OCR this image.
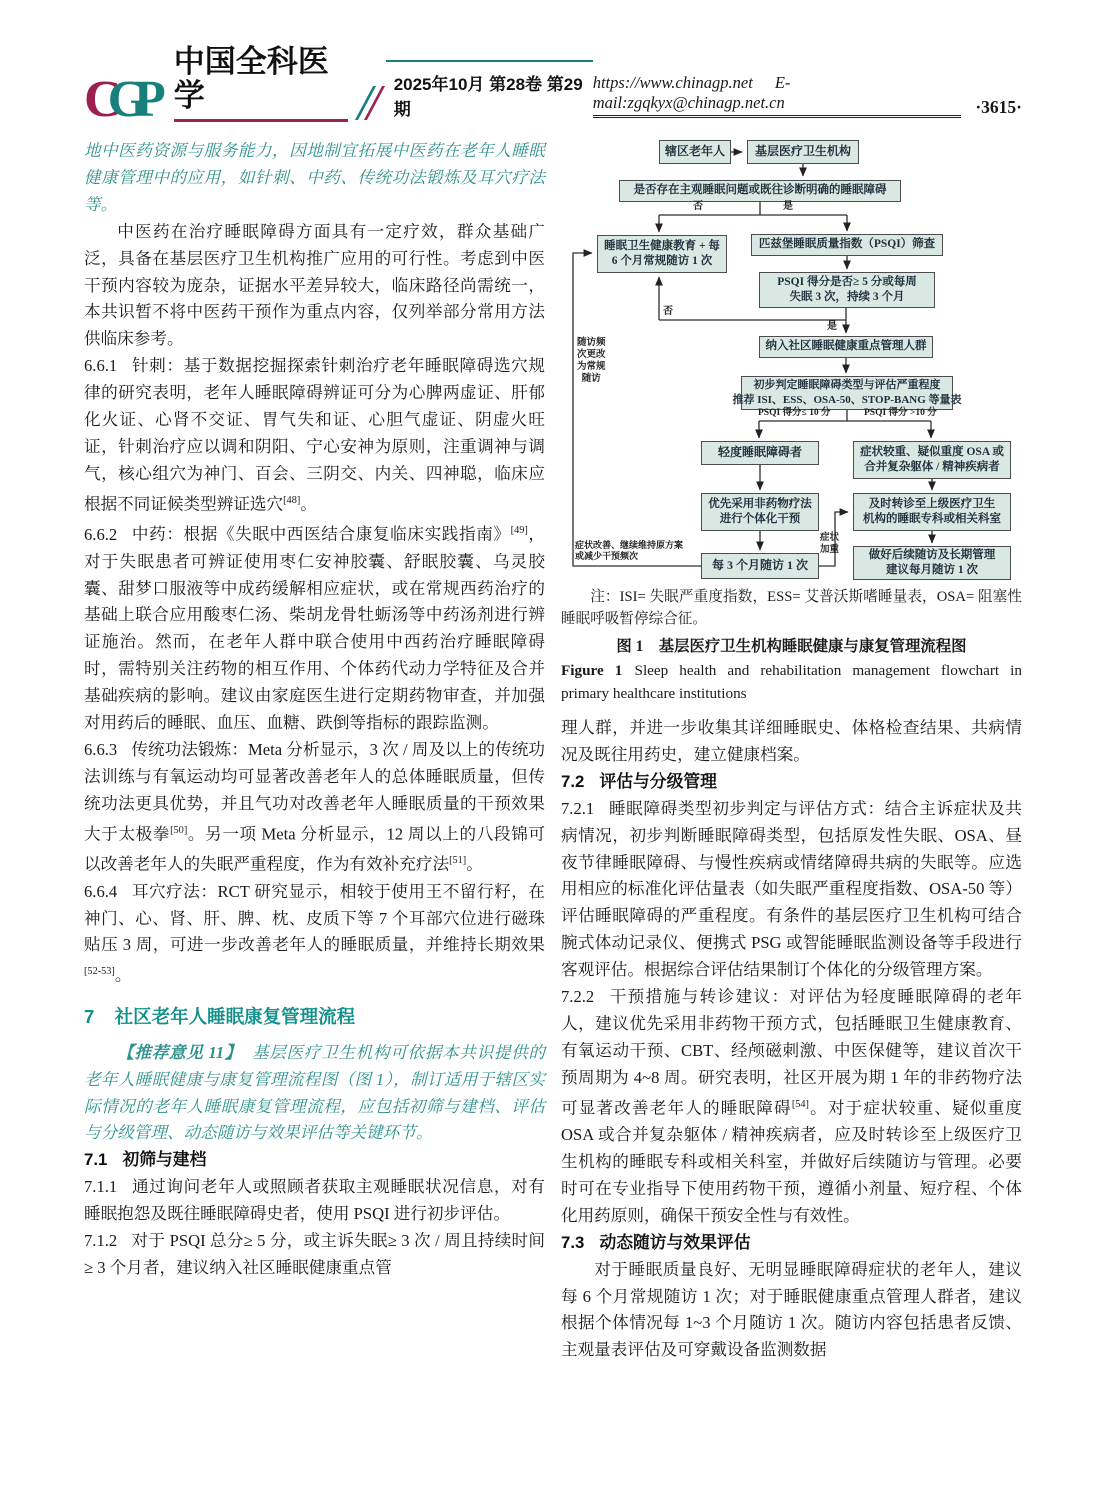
CGP
中国全科医学	2025年10月 第28卷 第29期
https://www.chinagp.net E-mail:zgqkyx@chinagp.net.cn	·3615·

地中医药资源与服务能力，因地制宜拓展中医药在老年人睡眠健康管理中的应用，如针刺、中药、传统功法锻炼及耳穴疗法等。

中医药在治疗睡眠障碍方面具有一定疗效，群众基础广泛，具备在基层医疗卫生机构推广应用的可行性。考虑到中医干预内容较为庞杂，证据水平差异较大，临床路径尚需统一，本共识暂不将中医药干预作为重点内容，仅列举部分常用方法供临床参考。

6.6.1 针刺：基于数据挖掘探索针刺治疗老年睡眠障碍选穴规律的研究表明，老年人睡眠障碍辨证可分为心脾两虚证、肝郁化火证、心肾不交证、胃气失和证、心胆气虚证、阴虚火旺证，针刺治疗应以调和阴阳、宁心安神为原则，注重调神与调气，核心组穴为神门、百会、三阴交、内关、四神聪，临床应根据不同证候类型辨证选穴[48]。

6.6.2 中药：根据《失眠中西医结合康复临床实践指南》[49]，对于失眠患者可辨证使用枣仁安神胶囊、舒眠胶囊、乌灵胶囊、甜梦口服液等中成药缓解相应症状，或在常规西药治疗的基础上联合应用酸枣仁汤、柴胡龙骨牡蛎汤等中药汤剂进行辨证施治。然而，在老年人群中联合使用中西药治疗睡眠障碍时，需特别关注药物的相互作用、个体药代动力学特征及合并基础疾病的影响。建议由家庭医生进行定期药物审查，并加强对用药后的睡眠、血压、血糖、跌倒等指标的跟踪监测。

6.6.3 传统功法锻炼：Meta 分析显示，3 次 / 周及以上的传统功法训练与有氧运动均可显著改善老年人的总体睡眠质量，但传统功法更具优势，并且气功对改善老年人睡眠质量的干预效果大于太极拳[50]。另一项 Meta 分析显示，12 周以上的八段锦可以改善老年人的失眠严重程度，作为有效补充疗法[51]。

6.6.4 耳穴疗法：RCT 研究显示，相较于使用王不留行籽，在神门、心、肾、肝、脾、枕、皮质下等 7 个耳部穴位进行磁珠贴压 3 周，可进一步改善老年人的睡眠质量，并维持长期效果[52-53]。

7 社区老年人睡眠康复管理流程

【推荐意见 11】 基层医疗卫生机构可依据本共识提供的老年人睡眠健康与康复管理流程图（图 1），制订适用于辖区实际情况的老年人睡眠康复管理流程，应包括初筛与建档、评估与分级管理、动态随访与效果评估等关键环节。

7.1 初筛与建档

7.1.1 通过询问老年人或照顾者获取主观睡眠状况信息，对有睡眠抱怨及既往睡眠障碍史者，使用 PSQI 进行初步评估。

7.1.2 对于 PSQI 总分≥ 5 分，或主诉失眠≥ 3 次 / 周且持续时间≥ 3 个月者，建议纳入社区睡眠健康重点管

辖区老年人 基层医疗卫生机构
是否存在主观睡眠问题或既往诊断明确的睡眠障碍
睡眠卫生健康教育 + 每
6 个月常规随访 1 次
匹兹堡睡眠质量指数（PSQI）筛查
PSQI 得分是否≥ 5 分或每周
失眠 3 次，持续 3 个月
纳入社区睡眠健康重点管理人群
初步判定睡眠障碍类型与评估严重程度
推荐 ISI、ESS、OSA-50、STOP-BANG 等量表
轻度睡眠障碍者	症状较重、疑似重度 OSA 或
合并复杂躯体 / 精神疾病者
优先采用非药物疗法
进行个体化干预
及时转诊至上级医疗卫生
机构的睡眠专科或相关科室
每 3 个月随访 1 次
做好后续随访及长期管理
建议每月随访 1 次
否	是
否
是
PSQI 得分≤ 10 分	PSQI 得分 >10 分
随访频
次更改
为常规
随访
症状改善、继续维持原方案
或减少干预频次
症状
加重

注：ISI= 失眠严重度指数，ESS= 艾普沃斯嗜睡量表，OSA= 阻塞性睡眠呼吸暂停综合征。

图 1　基层医疗卫生机构睡眠健康与康复管理流程图

Figure 1 Sleep health and rehabilitation management flowchart in primary healthcare institutions

理人群，并进一步收集其详细睡眠史、体格检查结果、共病情况及既往用药史，建立健康档案。

7.2 评估与分级管理

7.2.1 睡眠障碍类型初步判定与评估方式：结合主诉症状及共病情况，初步判断睡眠障碍类型，包括原发性失眠、OSA、昼夜节律睡眠障碍、与慢性疾病或情绪障碍共病的失眠等。应选用相应的标准化评估量表（如失眠严重程度指数、OSA-50 等）评估睡眠障碍的严重程度。有条件的基层医疗卫生机构可结合腕式体动记录仪、便携式 PSG 或智能睡眠监测设备等手段进行客观评估。根据综合评估结果制订个体化的分级管理方案。

7.2.2 干预措施与转诊建议：对评估为轻度睡眠障碍的老年人，建议优先采用非药物干预方式，包括睡眠卫生健康教育、有氧运动干预、CBT、经颅磁刺激、中医保健等，建议首次干预周期为 4~8 周。研究表明，社区开展为期 1 年的非药物疗法可显著改善老年人的睡眠障碍[54]。对于症状较重、疑似重度 OSA 或合并复杂躯体 / 精神疾病者，应及时转诊至上级医疗卫生机构的睡眠专科或相关科室，并做好后续随访与管理。必要时可在专业指导下使用药物干预，遵循小剂量、短疗程、个体化用药原则，确保干预安全性与有效性。

7.3 动态随访与效果评估

对于睡眠质量良好、无明显睡眠障碍症状的老年人，建议每 6 个月常规随访 1 次；对于睡眠健康重点管理人群者，建议根据个体情况每 1~3 个月随访 1 次。随访内容包括患者反馈、主观量表评估及可穿戴设备监测数据
